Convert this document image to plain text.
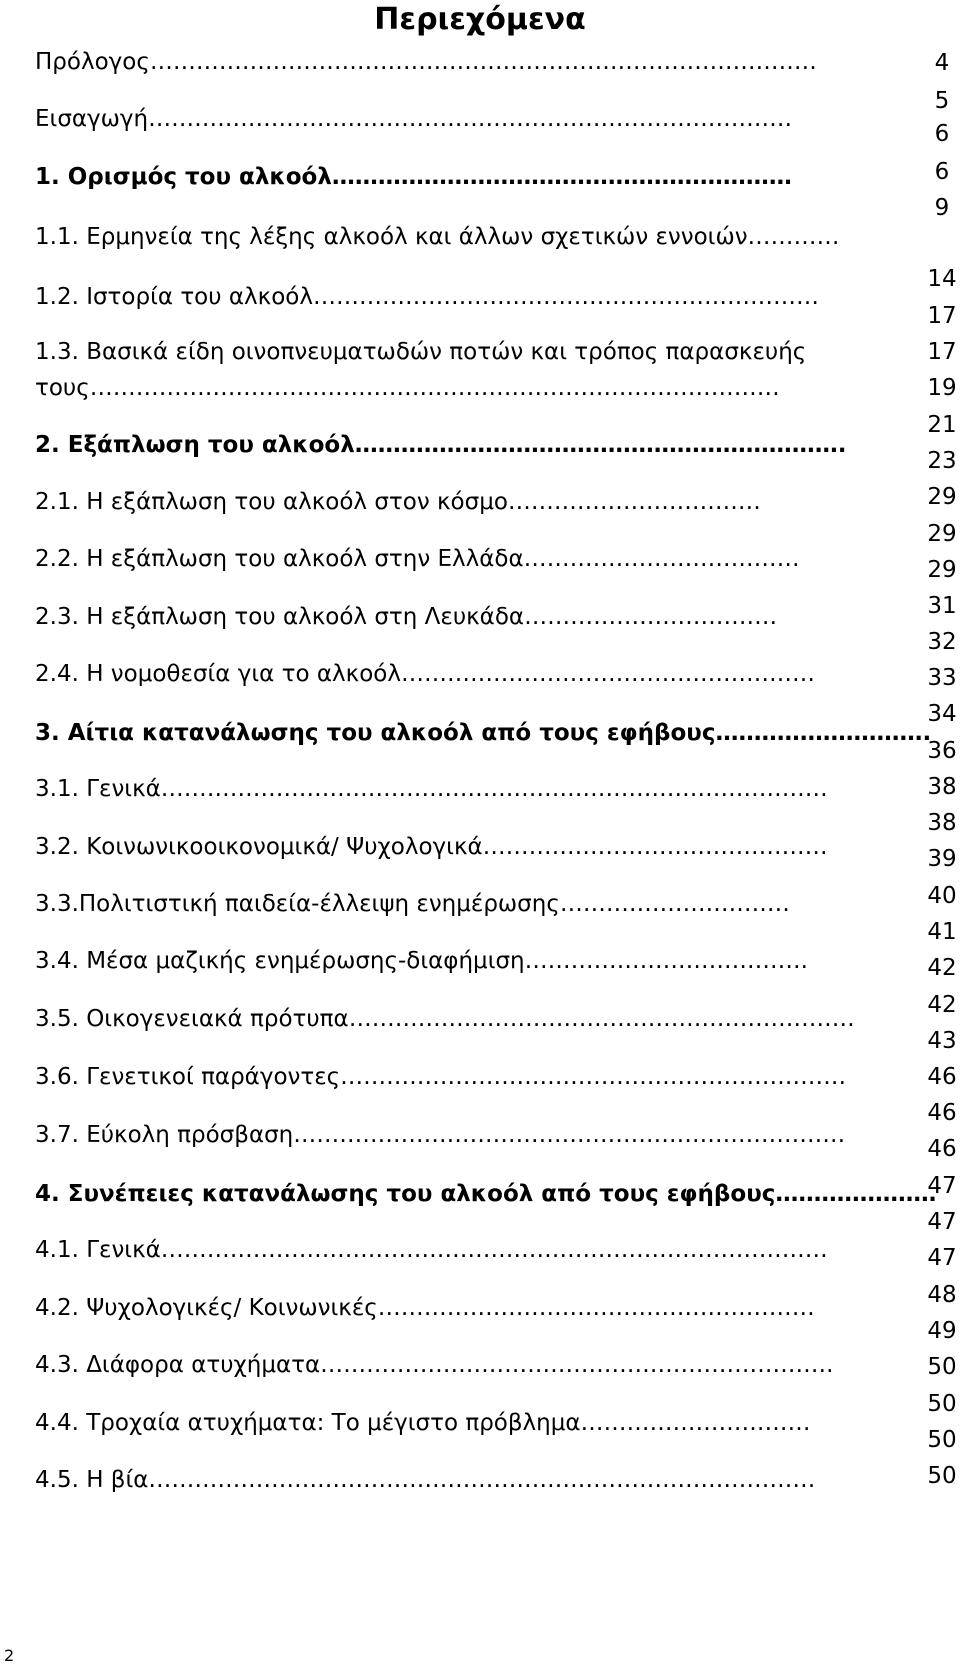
Περιεχόμενα
Πρόλογος……………………………………………………………………………
Εισαγωγή…………………………………………………………………………
1. Ορισμός του αλκοόλ……………………………………………………
1.1. Ερμηνεία της λέξης αλκοόλ και άλλων σχετικών εννοιών…………
1.2. Ιστορία του αλκοόλ…………………………………………………………
1.3. Βασικά είδη οινοπνευματωδών ποτών και τρόπος παρασκευής
τους………………………………………………………………………………
2. Εξάπλωση του αλκοόλ……………………………………………………….
2.1. Η εξάπλωση του αλκοόλ στον κόσμο……………………………
2.2. Η εξάπλωση του αλκοόλ στην Ελλάδα………………………………
2.3. Η εξάπλωση του αλκοόλ στη Λευκάδα……………………………
2.4. Η νομοθεσία για το αλκοόλ………………………………………………
3. Αίτια κατανάλωσης του αλκοόλ από τους εφήβους……………………….
3.1. Γενικά……………………………………………………………………………
3.2. Κοινωνικοοικονομικά/ Ψυχολογικά………………………………………
3.3.Πολιτιστική παιδεία-έλλειψη ενημέρωσης…………………………
3.4. Μέσα μαζικής ενημέρωσης-διαφήμιση……………………………….
3.5. Οικογενειακά πρότυπα…………………………………………………………
3.6. Γενετικοί παράγοντες…………………………………………………………
3.7. Εύκολη πρόσβαση………………………………………………………………
4. Συνέπειες κατανάλωσης του αλκοόλ από τους εφήβους…………………
4.1. Γενικά……………………………………………………………………………
4.2. Ψυχολογικές/ Κοινωνικές…………………………………………………
4.3. Διάφορα ατυχήματα………………………………………………………….
4.4. Τροχαία ατυχήματα: Το μέγιστο πρόβλημα…………………………
4.5. Η βία……………………………………………………………………………
4
5
6
6
9
14
17
17
19
21
23
29
29
29
31
32
33
34
36
38
38
39
40
41
42
42
43
46
46
46
47
47
47
48
49
50
50
50
50
2
